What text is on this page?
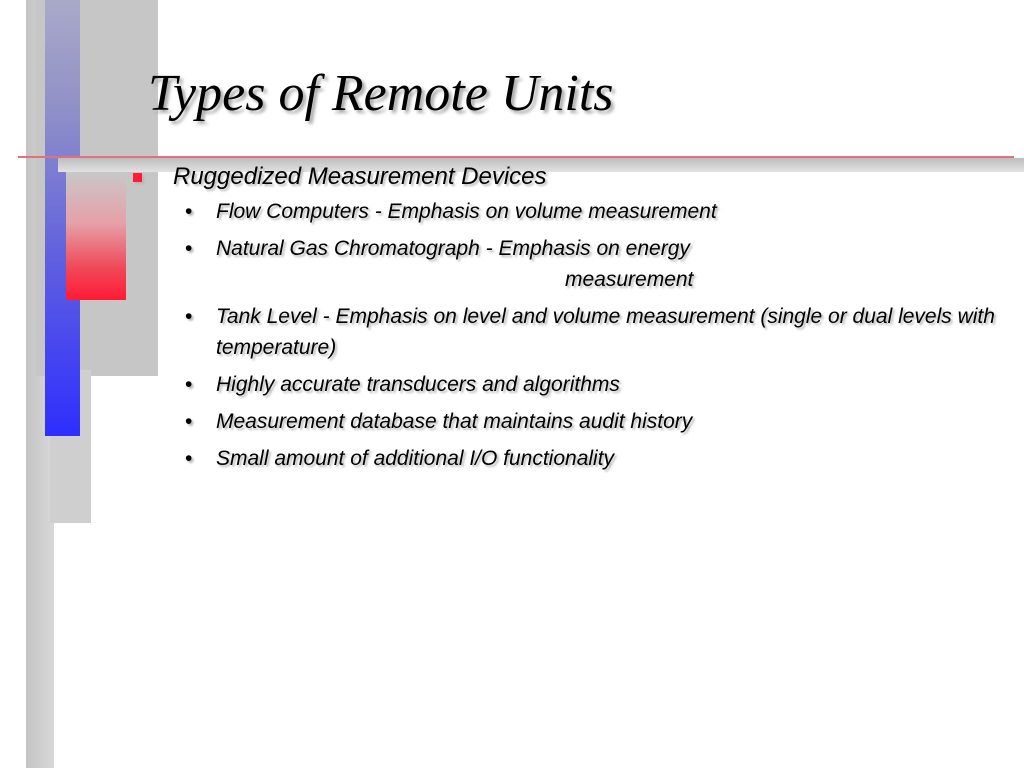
Types of Remote Units
Ruggedized Measurement Devices
• Flow Computers - Emphasis on volume measurement
• Natural Gas Chromatograph - Emphasis on energy
measurement
• Tank Level - Emphasis on level and volume measurement (single or dual levels with temperature)
• Highly accurate transducers and algorithms
• Measurement database that maintains audit history
• Small amount of additional I/O functionality
